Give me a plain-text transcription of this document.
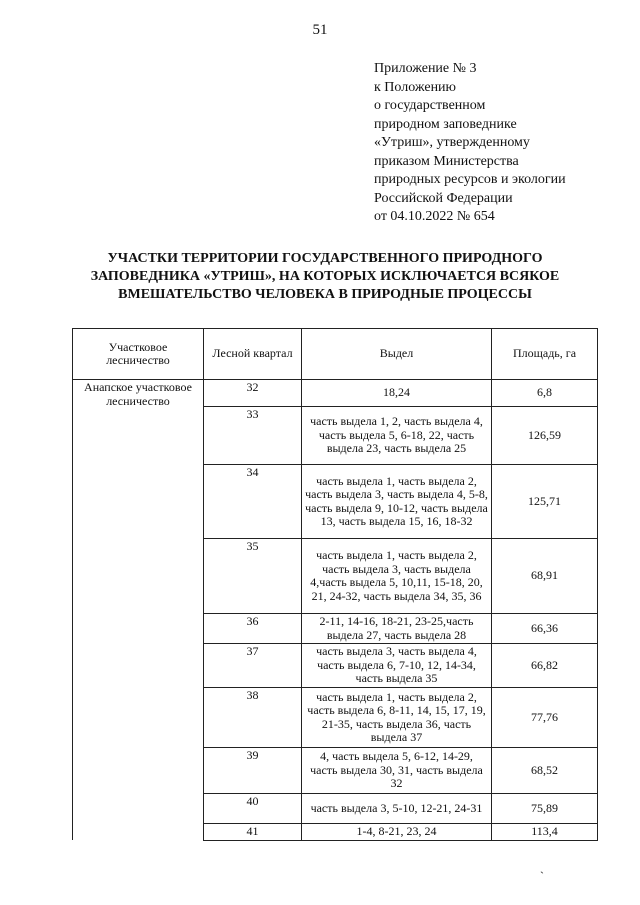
51
Приложение № 3
к Положению
о государственном
природном заповеднике
«Утриш», утвержденному
приказом Министерства
природных ресурсов и экологии
Российской Федерации
от 04.10.2022 № 654
УЧАСТКИ ТЕРРИТОРИИ ГОСУДАРСТВЕННОГО ПРИРОДНОГО
ЗАПОВЕДНИКА «УТРИШ», НА КОТОРЫХ ИСКЛЮЧАЕТСЯ ВСЯКОЕ
ВМЕШАТЕЛЬСТВО ЧЕЛОВЕКА В ПРИРОДНЫЕ ПРОЦЕССЫ
Участковое лесничество	Лесной квартал	Выдел	Площадь, га
Анапское участковое лесничество	32	18,24	6,8
	33	часть выдела 1, 2, часть выдела 4, часть выдела 5, 6-18, 22, часть выдела 23, часть выдела 25	126,59
	34	часть выдела 1, часть выдела 2, часть выдела 3, часть выдела 4, 5-8, часть выдела 9, 10-12, часть выдела 13, часть выдела 15, 16, 18-32	125,71
	35	часть выдела 1, часть выдела 2, часть выдела 3, часть выдела 4,часть выдела 5, 10,11, 15-18, 20, 21, 24-32, часть выдела 34, 35, 36	68,91
	36	2-11, 14-16, 18-21, 23-25,часть выдела 27, часть выдела 28	66,36
	37	часть выдела 3, часть выдела 4, часть выдела 6, 7-10, 12, 14-34, часть выдела 35	66,82
	38	часть выдела 1, часть выдела 2, часть выдела 6, 8-11, 14, 15, 17, 19, 21-35, часть выдела 36, часть выдела 37	77,76
	39	4, часть выдела 5, 6-12, 14-29, часть выдела 30, 31, часть выдела 32	68,52
	40	часть выдела 3, 5-10, 12-21, 24-31	75,89
	41	1-4, 8-21, 23, 24	113,4
ˎ
